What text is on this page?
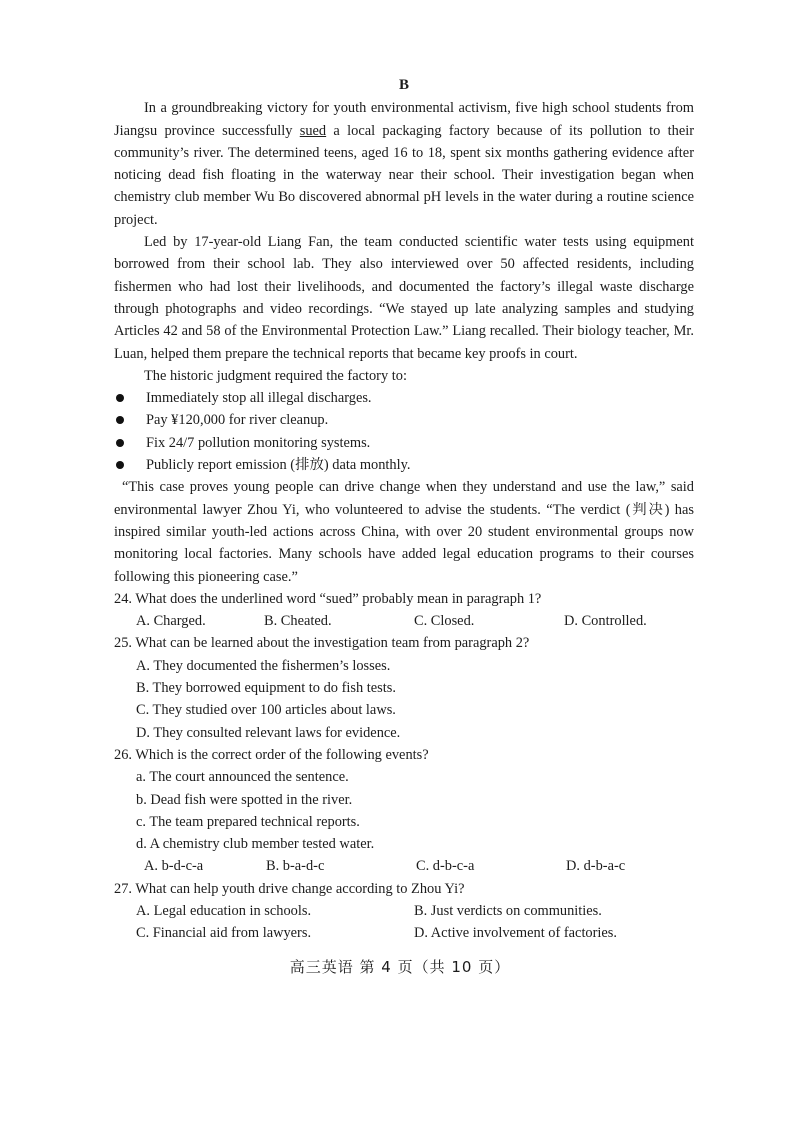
B

In a groundbreaking victory for youth environmental activism, five high school students from Jiangsu province successfully sued a local packaging factory because of its pollution to their community’s river. The determined teens, aged 16 to 18, spent six months gathering evidence after noticing dead fish floating in the waterway near their school. Their investigation began when chemistry club member Wu Bo discovered abnormal pH levels in the water during a routine science project.

Led by 17-year-old Liang Fan, the team conducted scientific water tests using equipment borrowed from their school lab. They also interviewed over 50 affected residents, including fishermen who had lost their livelihoods, and documented the factory’s illegal waste discharge through photographs and video recordings. “We stayed up late analyzing samples and studying Articles 42 and 58 of the Environmental Protection Law.” Liang recalled. Their biology teacher, Mr. Luan, helped them prepare the technical reports that became key proofs in court.

The historic judgment required the factory to:

Immediately stop all illegal discharges.
Pay ¥120,000 for river cleanup.
Fix 24/7 pollution monitoring systems.
Publicly report emission (排放) data monthly.

“This case proves young people can drive change when they understand and use the law,” said environmental lawyer Zhou Yi, who volunteered to advise the students. “The verdict (判决) has inspired similar youth-led actions across China, with over 20 student environmental groups now monitoring local factories. Many schools have added legal education programs to their courses following this pioneering case.”

24. What does the underlined word “sued” probably mean in paragraph 1?
A. Charged.	B. Cheated.	C. Closed.	D. Controlled.
25. What can be learned about the investigation team from paragraph 2?
A. They documented the fishermen’s losses.
B. They borrowed equipment to do fish tests.
C. They studied over 100 articles about laws.
D. They consulted relevant laws for evidence.
26. Which is the correct order of the following events?
a. The court announced the sentence.
b. Dead fish were spotted in the river.
c. The team prepared technical reports.
d. A chemistry club member tested water.
A. b-d-c-a	B. b-a-d-c	C. d-b-c-a	D. d-b-a-c
27. What can help youth drive change according to Zhou Yi?
A. Legal education in schools.	B. Just verdicts on communities.
C. Financial aid from lawyers.	D. Active involvement of factories.
高三英语 第 4 页（共 10 页）
